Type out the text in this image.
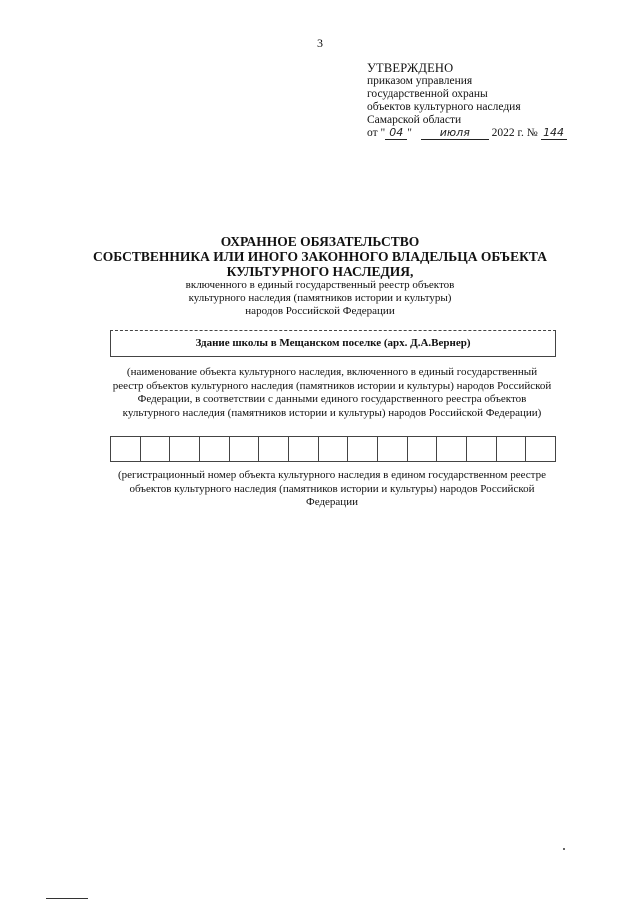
3
УТВЕРЖДЕНО
приказом управления
государственной охраны
объектов культурного наследия
Самарской области
от " 04 "	июля 2022 г. № 144
ОХРАННОЕ ОБЯЗАТЕЛЬСТВО
СОБСТВЕННИКА ИЛИ ИНОГО ЗАКОННОГО ВЛАДЕЛЬЦА ОБЪЕКТА
КУЛЬТУРНОГО НАСЛЕДИЯ,
включенного в единый государственный реестр объектов
культурного наследия (памятников истории и культуры)
народов Российской Федерации
Здание школы в Мещанском поселке (арх. Д.А.Вернер)
(наименование объекта культурного наследия, включенного в единый государственный
реестр объектов культурного наследия (памятников истории и культуры) народов Российской
Федерации, в соответствии с данными единого государственного реестра объектов
культурного наследия (памятников истории и культуры) народов Российской Федерации)
(регистрационный номер объекта культурного наследия в едином государственном реестре
объектов культурного наследия (памятников истории и культуры) народов Российской
Федерации
